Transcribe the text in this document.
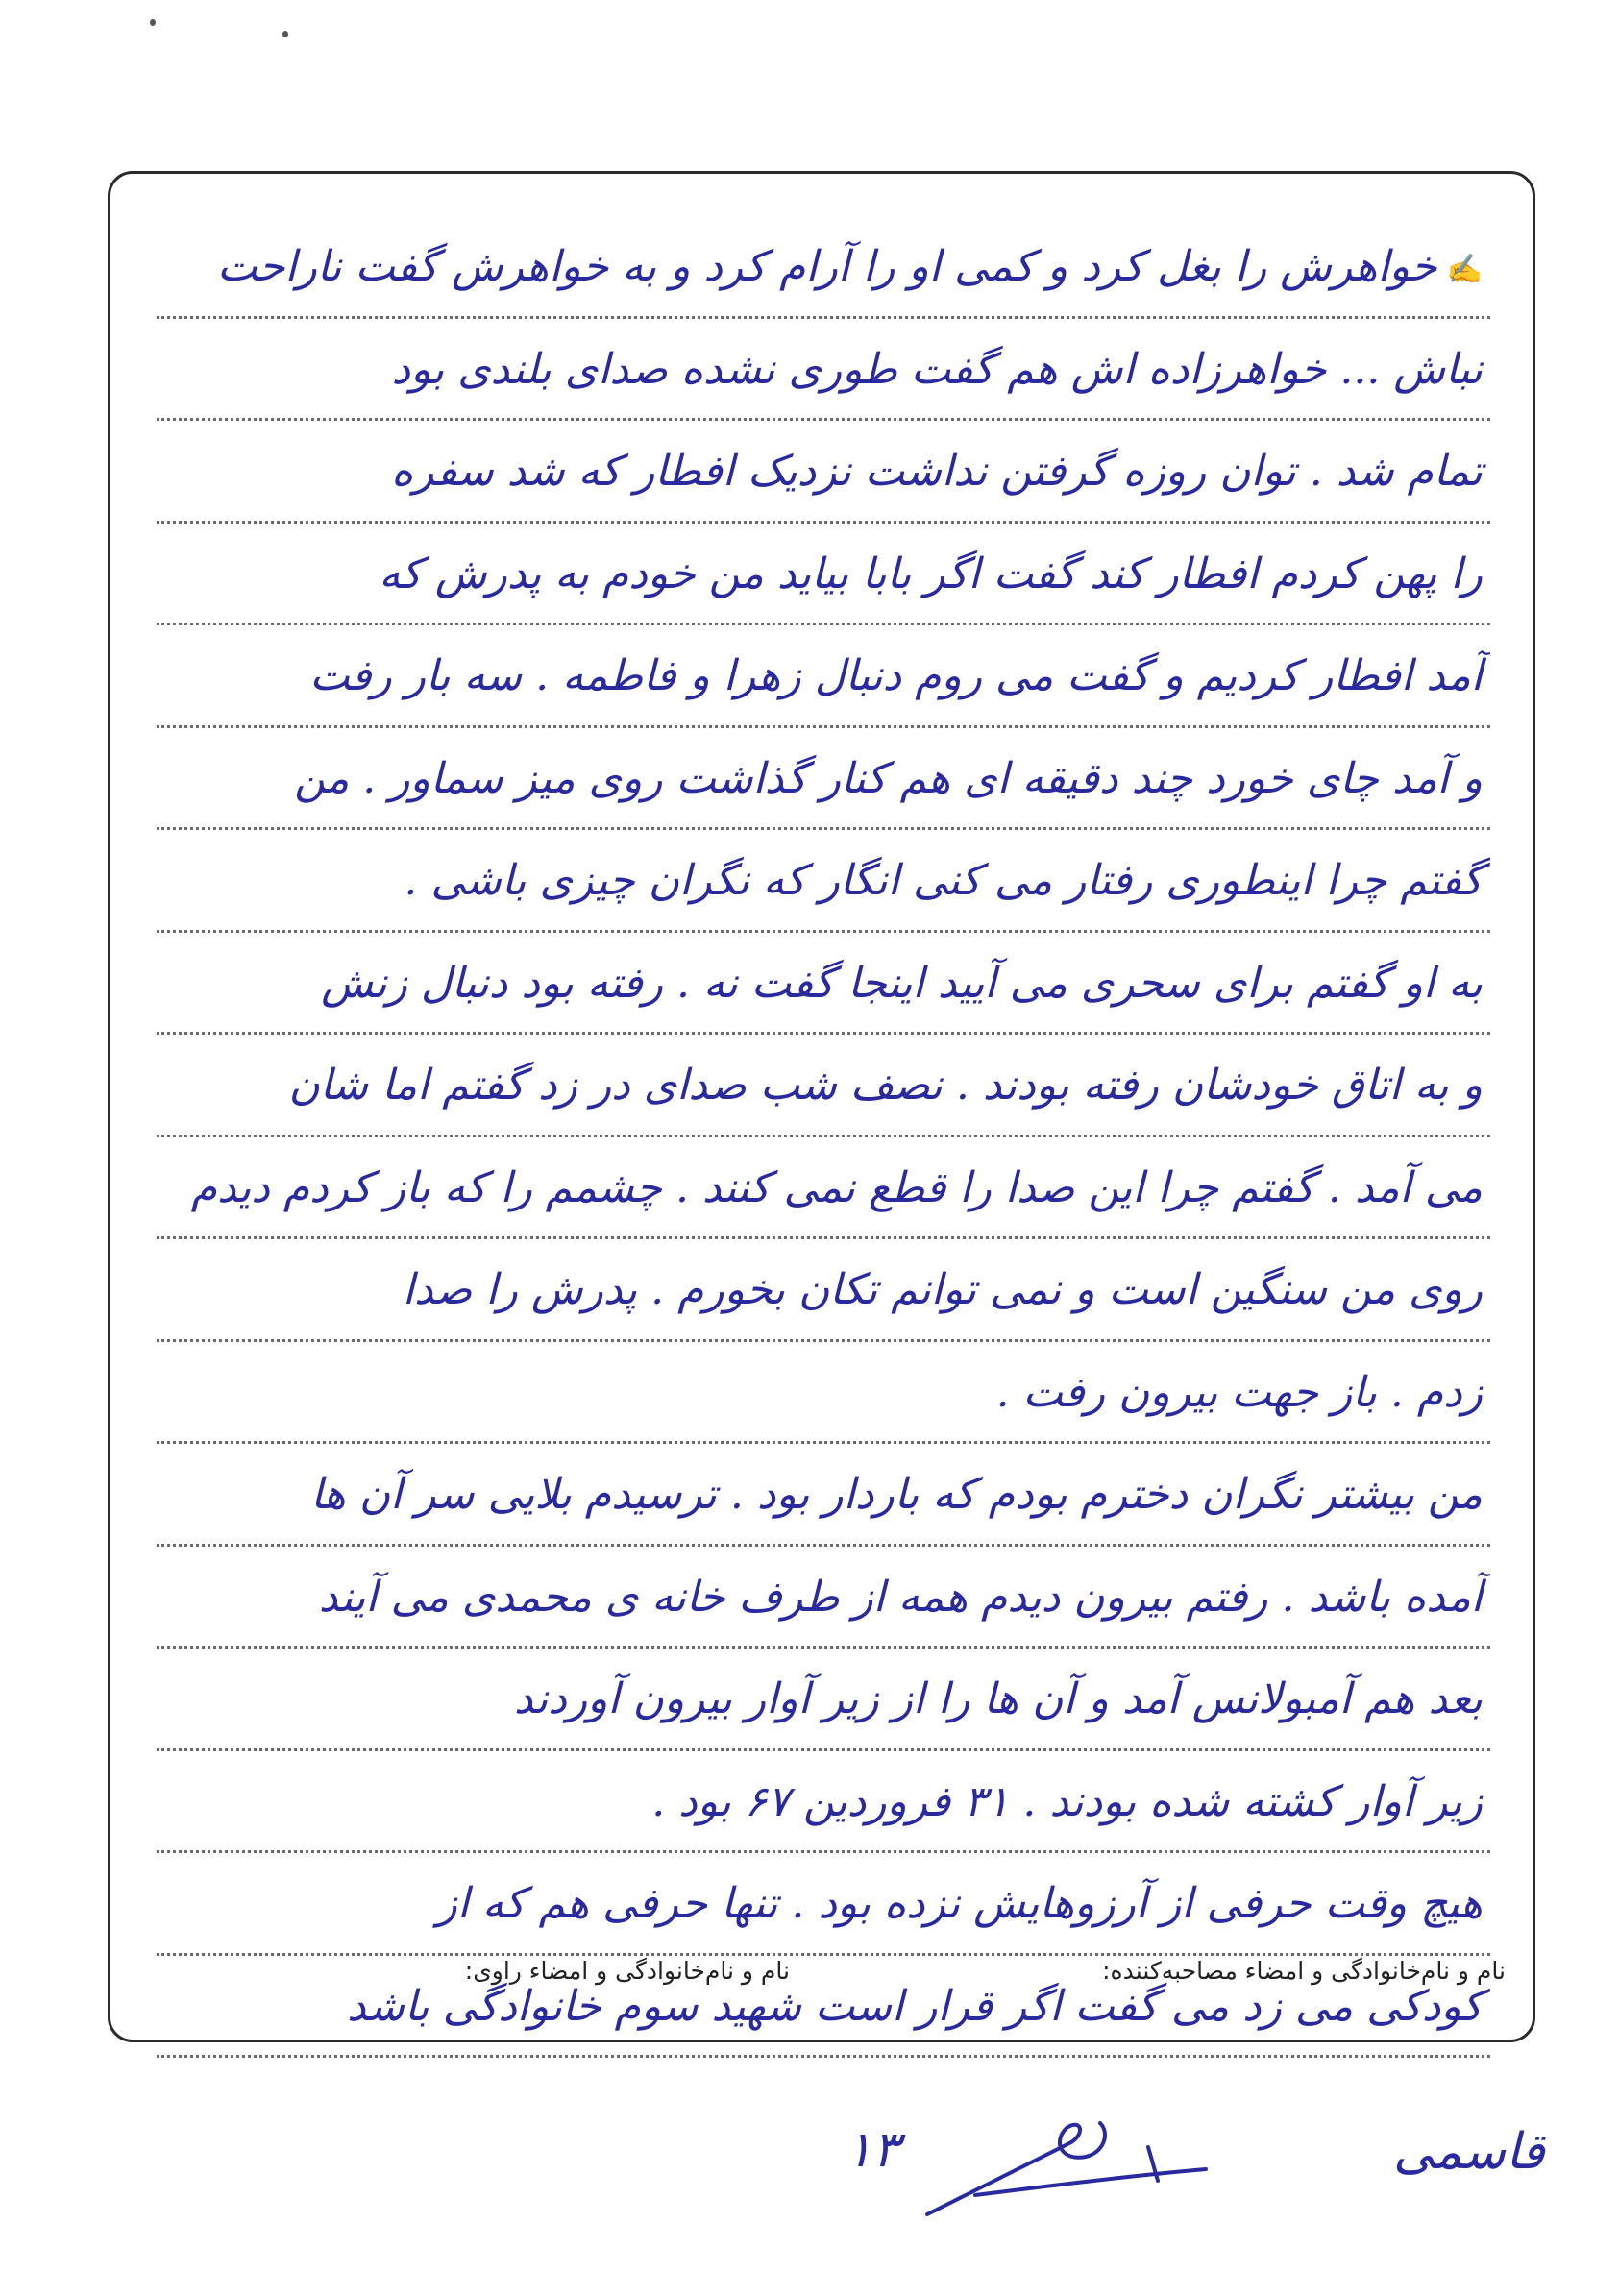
✍خواهرش را بغل کرد و کمی او را آرام کرد و به خواهرش گفت ناراحت
نباش ... خواهرزاده اش هم گفت طوری نشده صدای بلندی بود
تمام شد . توان روزه گرفتن نداشت نزدیک افطار که شد سفره
را پهن کردم افطار کند گفت اگر بابا بیاید من خودم به پدرش که
آمد افطار کردیم و گفت می روم دنبال زهرا و فاطمه . سه بار رفت
و آمد چای خورد چند دقیقه ای هم کنار گذاشت روی میز سماور . من
گفتم چرا اینطوری رفتار می کنی انگار که نگران چیزی باشی .
به او گفتم برای سحری می آیید اینجا گفت نه . رفته بود دنبال زنش
و به اتاق خودشان رفته بودند . نصف شب صدای در زد گفتم اما شان
می آمد . گفتم چرا این صدا را قطع نمی کنند . چشمم را که باز کردم دیدم
روی من سنگین است و نمی توانم تکان بخورم . پدرش را صدا
زدم . باز جهت بیرون رفت .
من بیشتر نگران دخترم بودم که باردار بود . ترسیدم بلایی سر آن ها
آمده باشد . رفتم بیرون دیدم همه از طرف خانه ی محمدی می آیند
بعد هم آمبولانس آمد و آن ها را از زیر آوار بیرون آوردند
زیر آوار کشته شده بودند . ۳۱ فروردین ۶۷ بود .
هیچ وقت حرفی از آرزوهایش نزده بود . تنها حرفی هم که از
کودکی می زد می گفت اگر قرار است شهید سوم خانوادگی باشد
نام و نام‌خانوادگی و امضاء مصاحبه‌کننده:
نام و نام‌خانوادگی و امضاء راوی:
۱۳	قاسمی
